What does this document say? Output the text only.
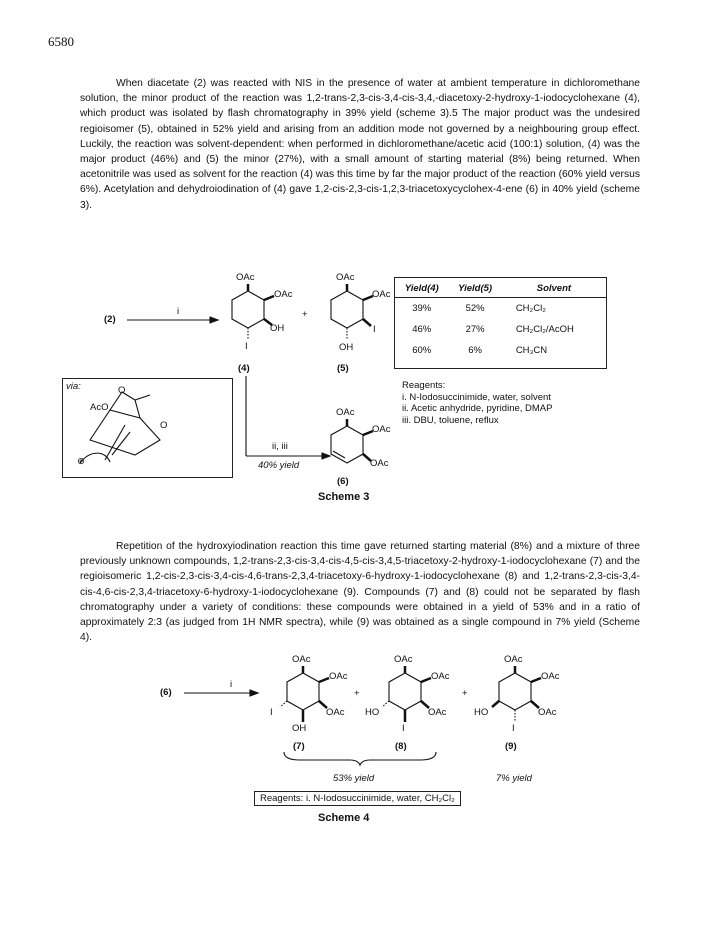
6580
When diacetate (2) was reacted with NIS in the presence of water at ambient temperature in dichloromethane solution, the minor product of the reaction was 1,2-trans-2,3-cis-3,4-cis-3,4,-diacetoxy-2-hydroxy-1-iodocyclohexane (4), which product was isolated by flash chromatography in 39% yield (scheme 3).5 The major product was the undesired regioisomer (5), obtained in 52% yield and arising from an addition mode not governed by a neighbouring group effect. Luckily, the reaction was solvent-dependent: when performed in dichloromethane/acetic acid (100:1) solution, (4) was the major product (46%) and (5) the minor (27%), with a small amount of starting material (8%) being returned. When acetonitrile was used as solvent for the reaction (4) was this time by far the major product of the reaction (60% yield versus 6%). Acetylation and dehydroiodination of (4) gave 1,2-cis-2,3-cis-1,2,3-triacetoxycyclohex-4-ene (6) in 40% yield (scheme 3).
(2)
i
OAc
OAc
OH
I
(4)
+
OAc
OAc
I
OH
(5)
Yield(4)	Yield(5)	Solvent
39%	52%	CH₂Cl₂
46%	27%	CH₂Cl₂/AcOH
60%	6%	CH₃CN
via:
AcO
O
O
⊕
Reagents:
i. N-Iodosuccinimide, water, solvent
ii. Acetic anhydride, pyridine, DMAP
iii. DBU, toluene, reflux
OAc
OAc
OAc
(6)
ii, iii
40% yield
Scheme 3
Repetition of the hydroxyiodination reaction this time gave returned starting material (8%) and a mixture of three previously unknown compounds, 1,2-trans-2,3-cis-3,4-cis-4,5-cis-3,4,5-triacetoxy-2-hydroxy-1-iodocyclohexane (7) and the regioisomeric 1,2-cis-2,3-cis-3,4-cis-4,6-trans-2,3,4-triacetoxy-6-hydroxy-1-iodocyclohexane (8) and 1,2-trans-2,3-cis-3,4-cis-4,6-cis-2,3,4-triacetoxy-6-hydroxy-1-iodocyclohexane (9). Compounds (7) and (8) could not be separated by flash chromatography under a variety of conditions: these compounds were obtained in a yield of 53% and in a ratio of approximately 2:3 (as judged from 1H NMR spectra), while (9) was obtained as a single compound in 7% yield (Scheme 4).
(6)
i
OAc
OAc
OAc
I
OH
(7)
+
OAc
OAc
OAc
HO
I
(8)
+
OAc
OAc
OAc
HO
I
(9)
53% yield	7% yield
Reagents: i. N-Iodosuccinimide, water, CH₂Cl₂
Scheme 4
